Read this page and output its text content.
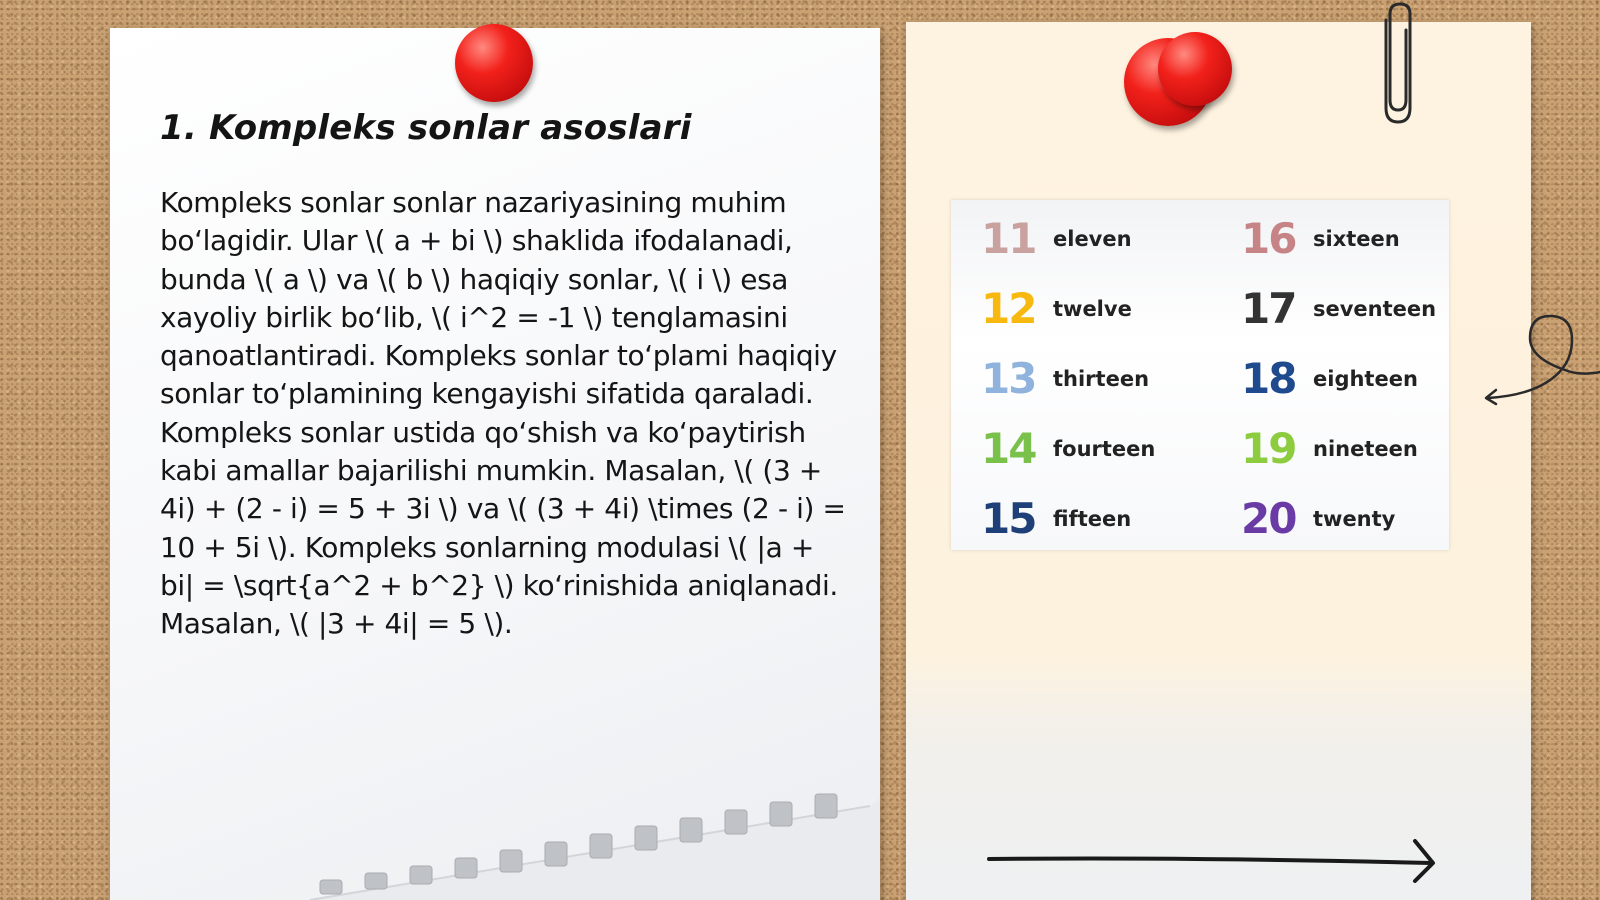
1. Kompleks sonlar asoslari

Kompleks sonlar sonlar nazariyasining muhim bo‘lagidir. Ular \( a + bi \) shaklida ifodalanadi, bunda \( a \) va \( b \) haqiqiy sonlar, \( i \) esa xayoliy birlik bo‘lib, \( i^2 = -1 \) tenglamasini qanoatlantiradi. Kompleks sonlar to‘plami haqiqiy sonlar to‘plamining kengayishi sifatida qaraladi. Kompleks sonlar ustida qo‘shish va ko‘paytirish kabi amallar bajarilishi mumkin. Masalan, \( (3 + 4i) + (2 - i) = 5 + 3i \) va \( (3 + 4i) \times (2 - i) = 10 + 5i \). Kompleks sonlarning modulasi \( |a + bi| = \sqrt{a^2 + b^2} \) ko‘rinishida aniqlanadi. Masalan, \( |3 + 4i| = 5 \).

11 eleven
12 twelve
13 thirteen
14 fourteen
15 fifteen
16 sixteen
17 seventeen
18 eighteen
19 nineteen
20 twenty
